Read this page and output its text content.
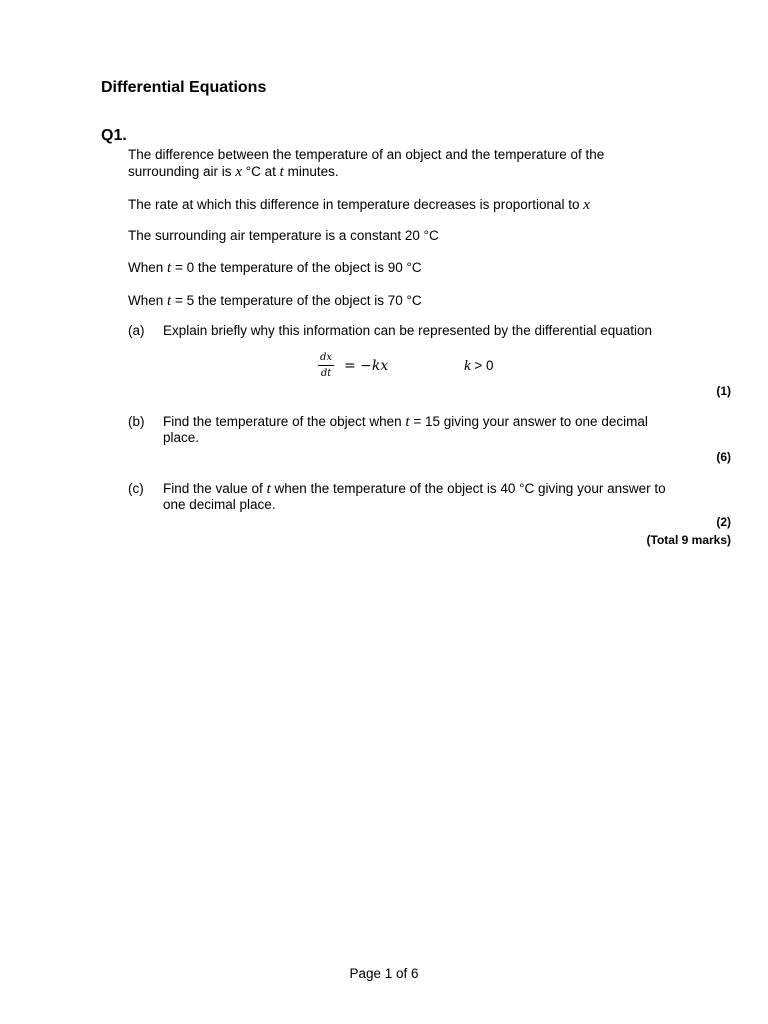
Differential Equations
Q1.
The difference between the temperature of an object and the temperature of the
surrounding air is x °C at t minutes.
The rate at which this difference in temperature decreases is proportional to x
The surrounding air temperature is a constant 20 °C
When t = 0 the temperature of the object is 90 °C
When t = 5 the temperature of the object is 70 °C
(a) Explain briefly why this information can be represented by the differential equation
$\frac{dx}{dt} = -kx$	k > 0
(1)
(b) Find the temperature of the object when t = 15 giving your answer to one decimal
place.
(6)
(c) Find the value of t when the temperature of the object is 40 °C giving your answer to
one decimal place.
(2)
(Total 9 marks)
Page 1 of 6
